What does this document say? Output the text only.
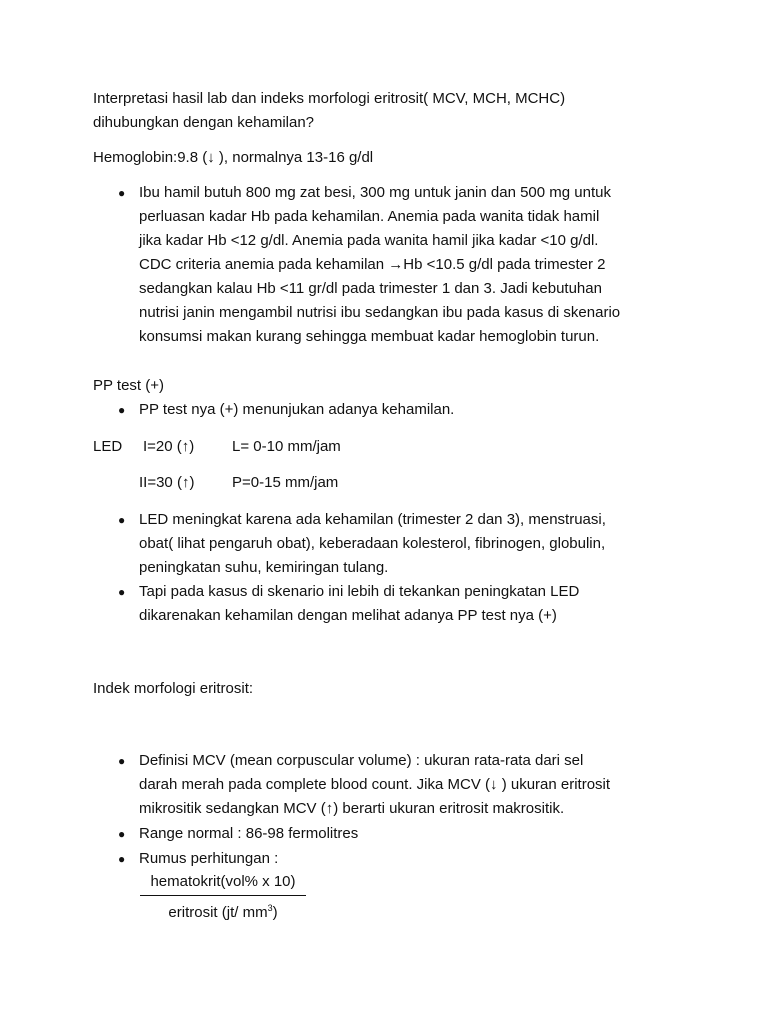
Interpretasi hasil lab dan indeks morfologi eritrosit( MCV, MCH, MCHC)
dihubungkan dengan kehamilan?
Hemoglobin:9.8 (↓ ), normalnya 13-16 g/dl
● Ibu hamil butuh 800 mg zat besi, 300 mg untuk janin dan 500 mg untuk
perluasan kadar Hb pada kehamilan. Anemia pada wanita tidak hamil
jika kadar Hb <12 g/dl. Anemia pada wanita hamil jika kadar <10 g/dl.
CDC criteria anemia pada kehamilan →Hb <10.5 g/dl pada trimester 2
sedangkan kalau Hb <11 gr/dl pada trimester 1 dan 3. Jadi kebutuhan
nutrisi janin mengambil nutrisi ibu sedangkan ibu pada kasus di skenario
konsumsi makan kurang sehingga membuat kadar hemoglobin turun.
PP test (+)
● PP test nya (+) menunjukan adanya kehamilan.
LED I=20 (↑)	L= 0-10 mm/jam
II=30 (↑)	P=0-15 mm/jam
● LED meningkat karena ada kehamilan (trimester 2 dan 3), menstruasi,
obat( lihat pengaruh obat), keberadaan kolesterol, fibrinogen, globulin,
peningkatan suhu, kemiringan tulang.
● Tapi pada kasus di skenario ini lebih di tekankan peningkatan LED
dikarenakan kehamilan dengan melihat adanya PP test nya (+)
Indek morfologi eritrosit:
● Definisi MCV (mean corpuscular volume) : ukuran rata-rata dari sel
darah merah pada complete blood count. Jika MCV (↓ ) ukuran eritrosit
mikrositik sedangkan MCV (↑) berarti ukuran eritrosit makrositik.
● Range normal : 86-98 fermolitres
● Rumus perhitungan :
hematokrit(vol% x 10)
eritrosit (jt/ $mm^3$)
